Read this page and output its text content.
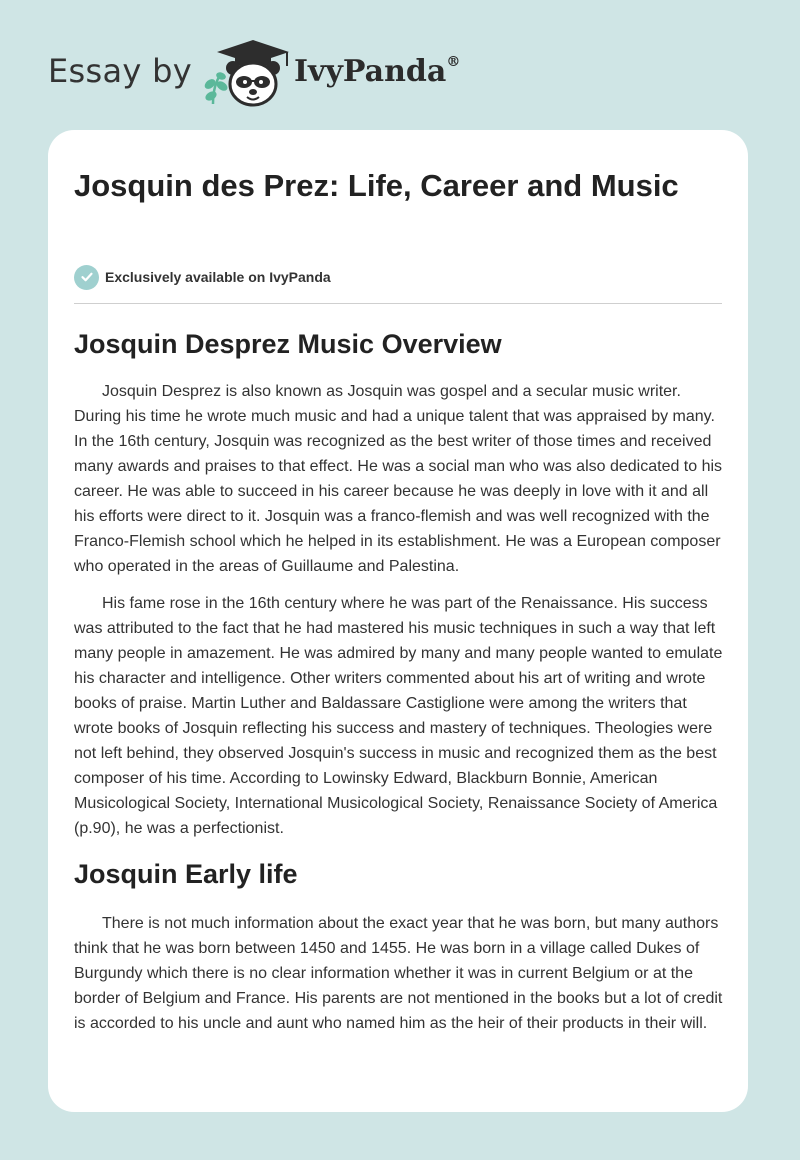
Essay by	IvyPanda®
Josquin des Prez: Life, Career and Music
Exclusively available on IvyPanda
Josquin Desprez Music Overview

Josquin Desprez is also known as Josquin was gospel and a secular music writer. During his time he wrote much music and had a unique talent that was appraised by many. In the 16th century, Josquin was recognized as the best writer of those times and received many awards and praises to that effect. He was a social man who was also dedicated to his career. He was able to succeed in his career because he was deeply in love with it and all his efforts were direct to it. Josquin was a franco-flemish and was well recognized with the Franco-Flemish school which he helped in its establishment. He was a European composer who operated in the areas of Guillaume and Palestina.

His fame rose in the 16th century where he was part of the Renaissance. His success was attributed to the fact that he had mastered his music techniques in such a way that left many people in amazement. He was admired by many and many people wanted to emulate his character and intelligence. Other writers commented about his art of writing and wrote books of praise. Martin Luther and Baldassare Castiglione were among the writers that wrote books of Josquin reflecting his success and mastery of techniques. Theologies were not left behind, they observed Josquin's success in music and recognized them as the best composer of his time. According to Lowinsky Edward, Blackburn Bonnie, American Musicological Society, International Musicological Society, Renaissance Society of America (p.90), he was a perfectionist.

Josquin Early life

There is not much information about the exact year that he was born, but many authors think that he was born between 1450 and 1455. He was born in a village called Dukes of Burgundy which there is no clear information whether it was in current Belgium or at the border of Belgium and France. His parents are not mentioned in the books but a lot of credit is accorded to his uncle and aunt who named him as the heir of their products in their will.
